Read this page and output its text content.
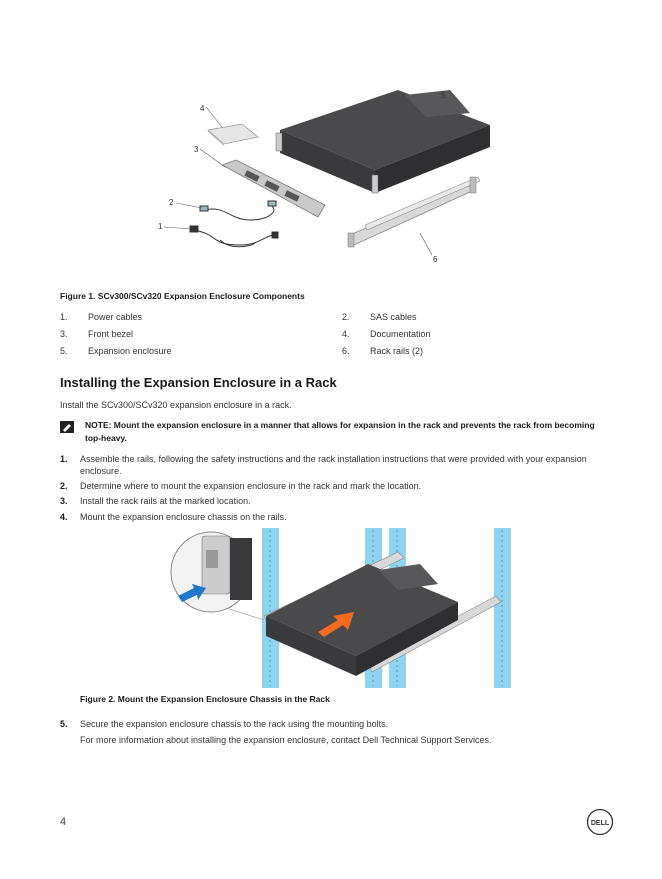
4
5
3
2
1
6
Figure 1. SCv300/SCv320 Expansion Enclosure Components
1. Power cables	2. SAS cables
3. Front bezel	4. Documentation
5. Expansion enclosure	6. Rack rails (2)
Installing the Expansion Enclosure in a Rack
Install the SCv300/SCv320 expansion enclosure in a rack.
NOTE: Mount the expansion enclosure in a manner that allows for expansion in the rack and prevents the rack from becoming top-heavy.
1. Assemble the rails, following the safety instructions and the rack installation instructions that were provided with your expansion enclosure.
2. Determine where to mount the expansion enclosure in the rack and mark the location.
3. Install the rack rails at the marked location.
4. Mount the expansion enclosure chassis on the rails.
Figure 2. Mount the Expansion Enclosure Chassis in the Rack
5. Secure the expansion enclosure chassis to the rack using the mounting bolts.
For more information about installing the expansion enclosure, contact Dell Technical Support Services.
4	DELL
